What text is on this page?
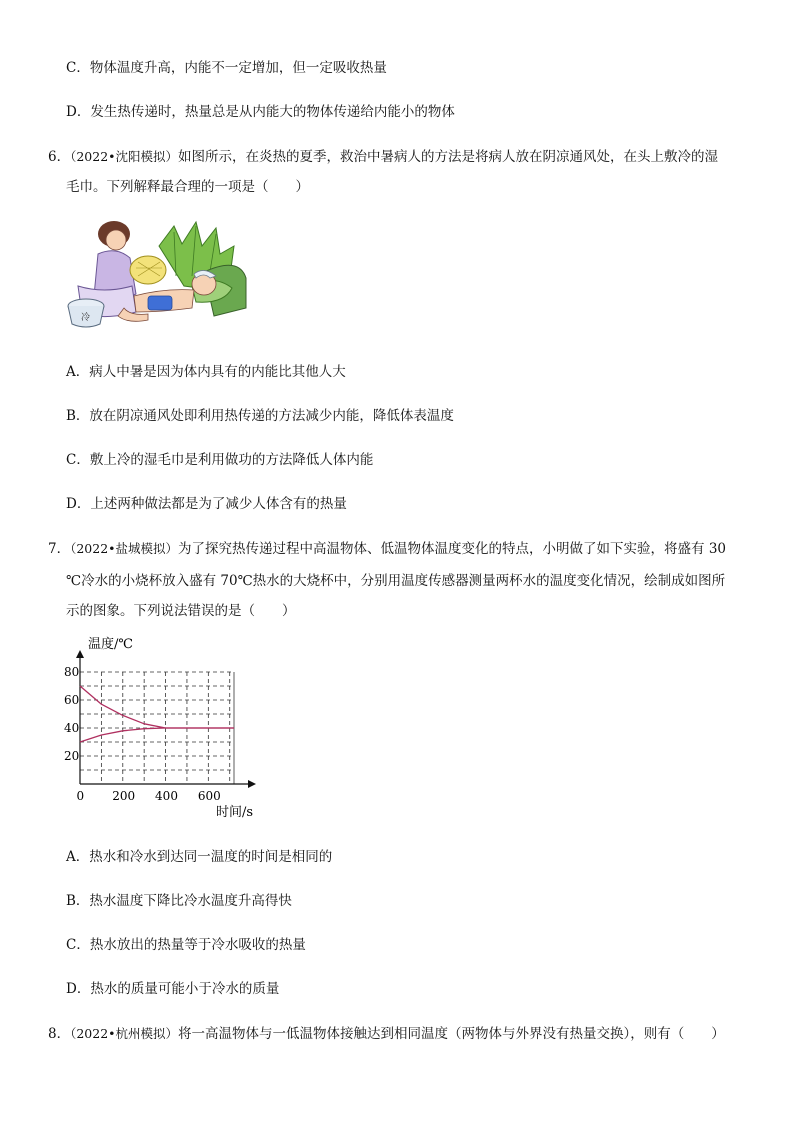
C．物体温度升高，内能不一定增加，但一定吸收热量
D．发生热传递时，热量总是从内能大的物体传递给内能小的物体
6．（2022•沈阳模拟）如图所示，在炎热的夏季，救治中暑病人的方法是将病人放在阴凉通风处，在头上敷冷的湿
毛巾。下列解释最合理的一项是（　　）
冷
A．病人中暑是因为体内具有的内能比其他人大
B．放在阴凉通风处即利用热传递的方法减少内能，降低体表温度
C．敷上冷的湿毛巾是利用做功的方法降低人体内能
D．上述两种做法都是为了减少人体含有的热量
7．（2022•盐城模拟）为了探究热传递过程中高温物体、低温物体温度变化的特点，小明做了如下实验，将盛有 30
℃冷水的小烧杯放入盛有 70℃热水的大烧杯中，分别用温度传感器测量两杯水的温度变化情况，绘制成如图所
示的图象。下列说法错误的是（　　）
20
40
60
80
0 200 400 600
温度/℃
时间/s
A．热水和冷水到达同一温度的时间是相同的
B．热水温度下降比冷水温度升高得快
C．热水放出的热量等于冷水吸收的热量
D．热水的质量可能小于冷水的质量
8．（2022•杭州模拟）将一高温物体与一低温物体接触达到相同温度（两物体与外界没有热量交换），则有（　　）
